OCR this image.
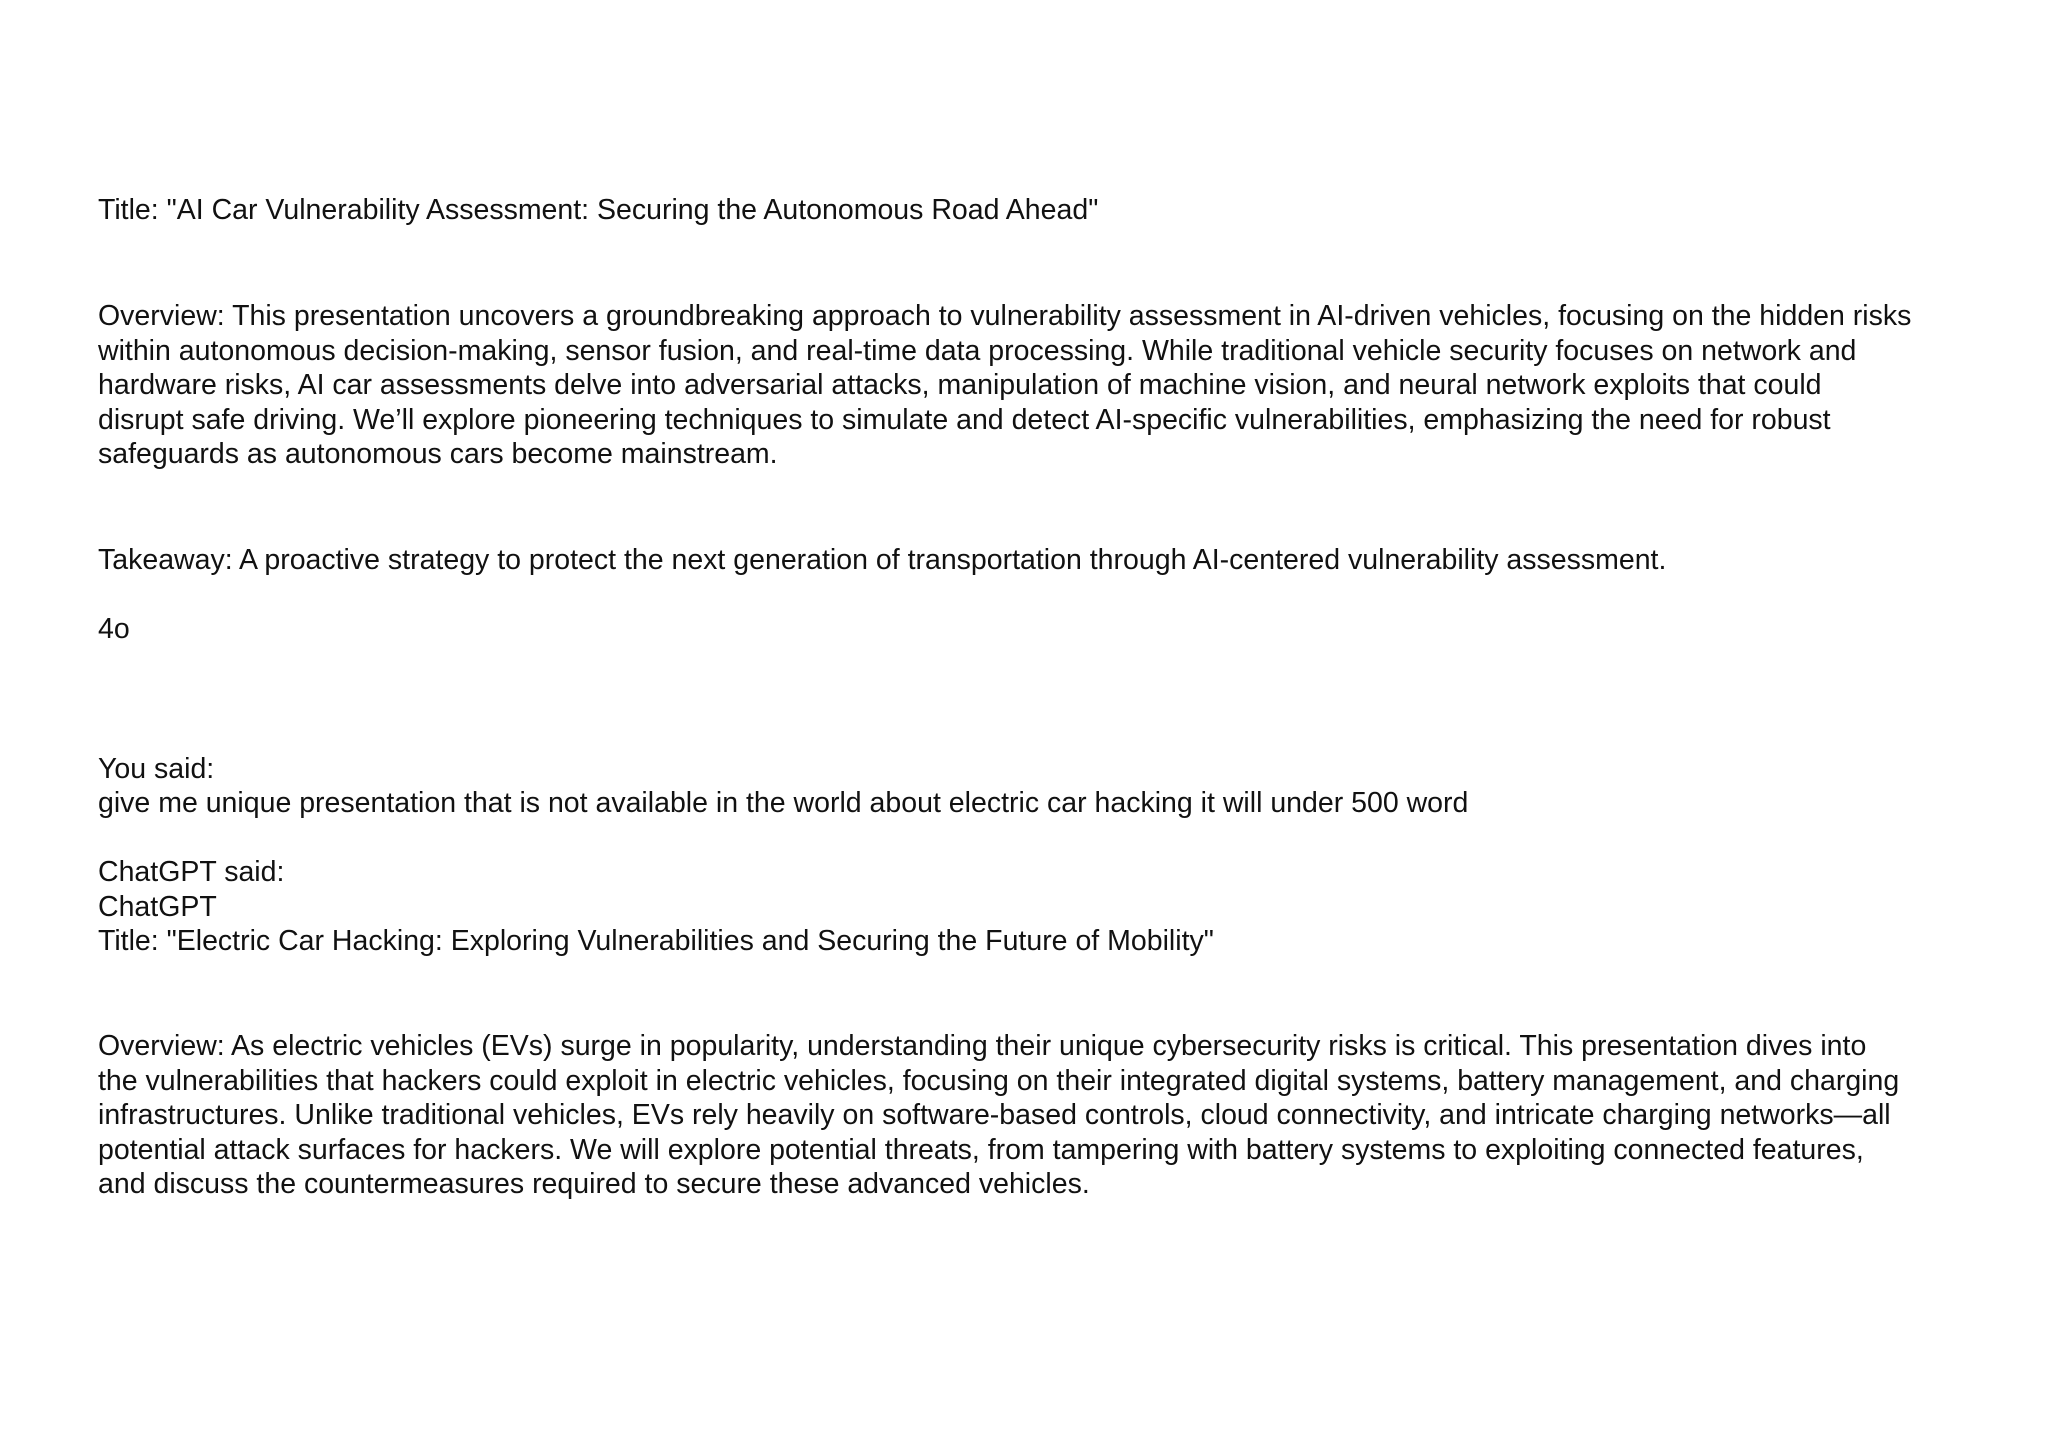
Title: "AI Car Vulnerability Assessment: Securing the Autonomous Road Ahead"

Overview: This presentation uncovers a groundbreaking approach to vulnerability assessment in AI-driven vehicles, focusing on the hidden risks
within autonomous decision-making, sensor fusion, and real-time data processing. While traditional vehicle security focuses on network and
hardware risks, AI car assessments delve into adversarial attacks, manipulation of machine vision, and neural network exploits that could
disrupt safe driving. We’ll explore pioneering techniques to simulate and detect AI-specific vulnerabilities, emphasizing the need for robust
safeguards as autonomous cars become mainstream.

Takeaway: A proactive strategy to protect the next generation of transportation through AI-centered vulnerability assessment.

4o

You said:

give me unique presentation that is not available in the world about electric car hacking it will under 500 word

ChatGPT said:

ChatGPT

Title: "Electric Car Hacking: Exploring Vulnerabilities and Securing the Future of Mobility"

Overview: As electric vehicles (EVs) surge in popularity, understanding their unique cybersecurity risks is critical. This presentation dives into
the vulnerabilities that hackers could exploit in electric vehicles, focusing on their integrated digital systems, battery management, and charging
infrastructures. Unlike traditional vehicles, EVs rely heavily on software-based controls, cloud connectivity, and intricate charging networks—all
potential attack surfaces for hackers. We will explore potential threats, from tampering with battery systems to exploiting connected features,
and discuss the countermeasures required to secure these advanced vehicles.
